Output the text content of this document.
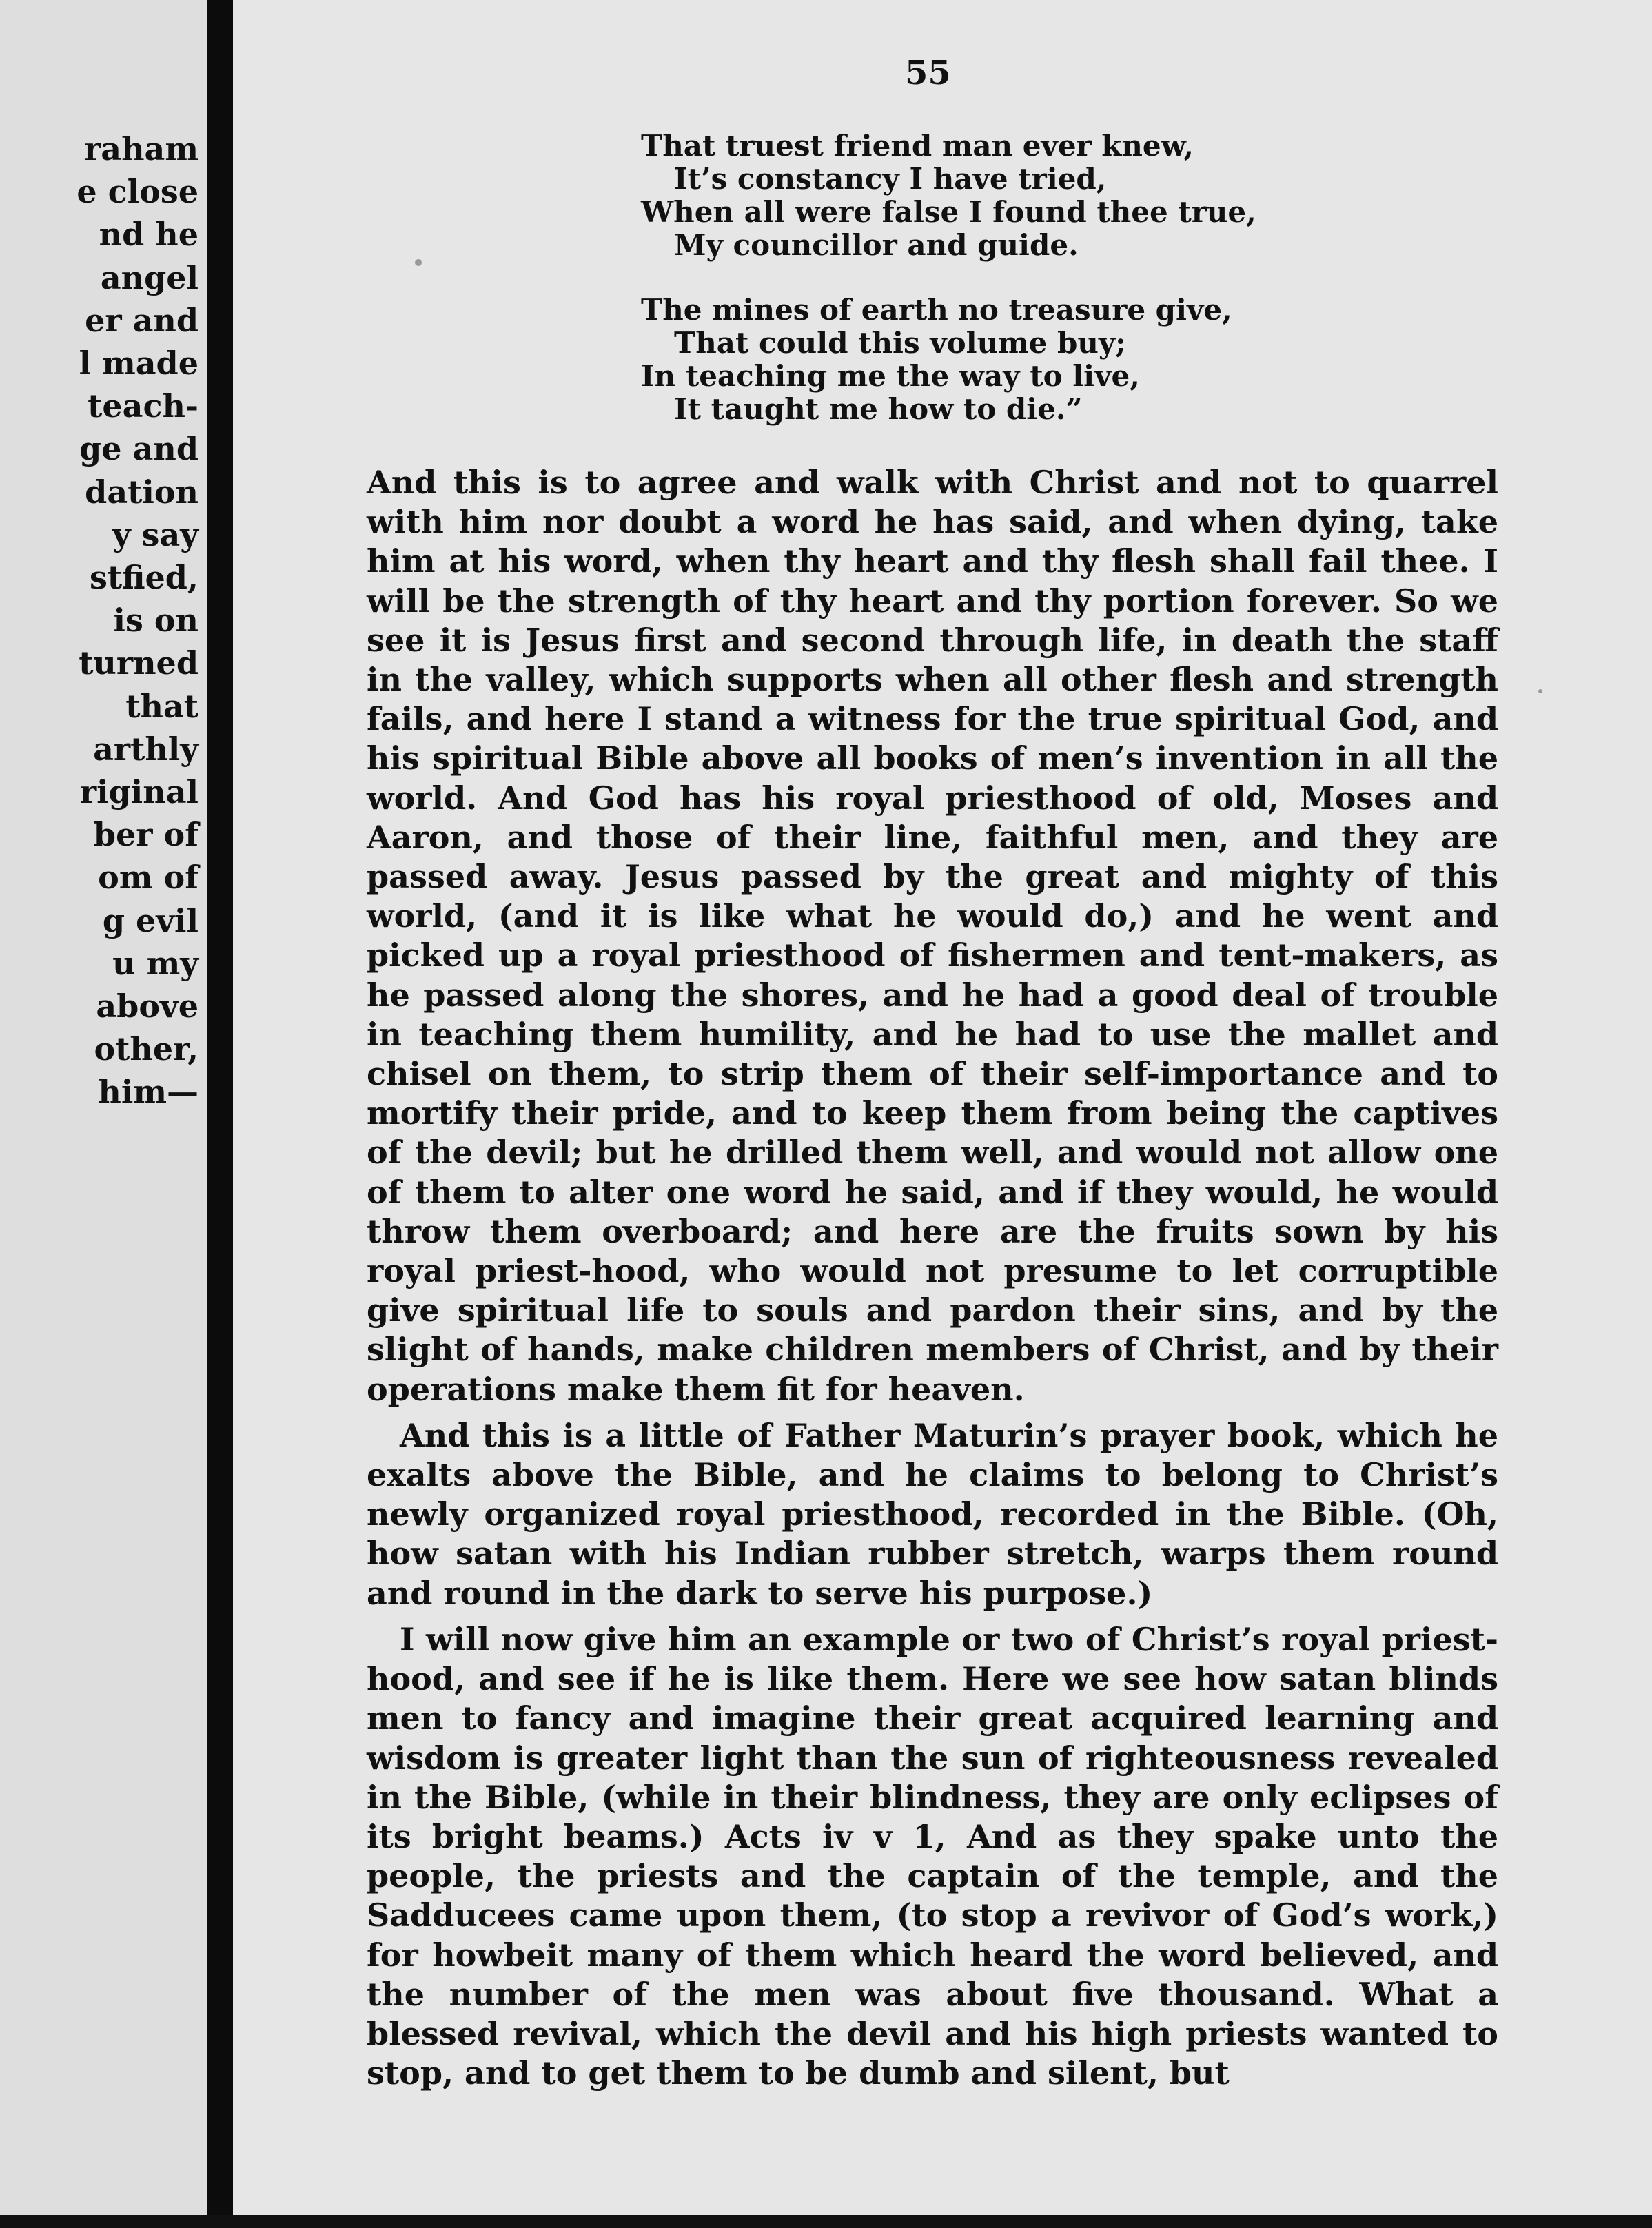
raham
e close
nd he
angel
er and
l made
teach-
ge and
dation
y say
stfied,
is on
turned
that
arthly
riginal
ber of
om of
g evil
u my
above
other,
him—
55
That truest friend man ever knew,
It’s constancy I have tried,
When all were false I found thee true,
My councillor and guide.
The mines of earth no treasure give,
That could this volume buy;
In teaching me the way to live,
It taught me how to die.”

And this is to agree and walk with Christ and not to quarrel with him nor doubt a word he has said, and when dying, take him at his word, when thy heart and thy flesh shall fail thee. I will be the strength of thy heart and thy portion forever. So we see it is Jesus first and second through life, in death the staff in the valley, which supports when all other flesh and strength fails, and here I stand a witness for the true spiritual God, and his spiritual Bible above all books of men’s invention in all the world. And God has his royal priesthood of old, Moses and Aaron, and those of their line, faithful men, and they are passed away. Jesus passed by the great and mighty of this world, (and it is like what he would do,) and he went and picked up a royal priesthood of fishermen and tent-makers, as he passed along the shores, and he had a good deal of trouble in teaching them humility, and he had to use the mallet and chisel on them, to strip them of their self-importance and to mortify their pride, and to keep them from being the captives of the devil; but he drilled them well, and would not allow one of them to alter one word he said, and if they would, he would throw them overboard; and here are the fruits sown by his royal priest-hood, who would not presume to let corruptible give spiritual life to souls and pardon their sins, and by the slight of hands, make children members of Christ, and by their operations make them fit for heaven.

And this is a little of Father Maturin’s prayer book, which he exalts above the Bible, and he claims to belong to Christ’s newly organized royal priesthood, recorded in the Bible. (Oh, how satan with his Indian rubber stretch, warps them round and round in the dark to serve his purpose.)

I will now give him an example or two of Christ’s royal priest-hood, and see if he is like them. Here we see how satan blinds men to fancy and imagine their great acquired learning and wisdom is greater light than the sun of righteousness revealed in the Bible, (while in their blindness, they are only eclipses of its bright beams.) Acts iv v 1, And as they spake unto the people, the priests and the captain of the temple, and the Sadducees came upon them, (to stop a revivor of God’s work,) for howbeit many of them which heard the word believed, and the number of the men was about five thousand. What a blessed revival, which the devil and his high priests wanted to stop, and to get them to be dumb and silent, but
